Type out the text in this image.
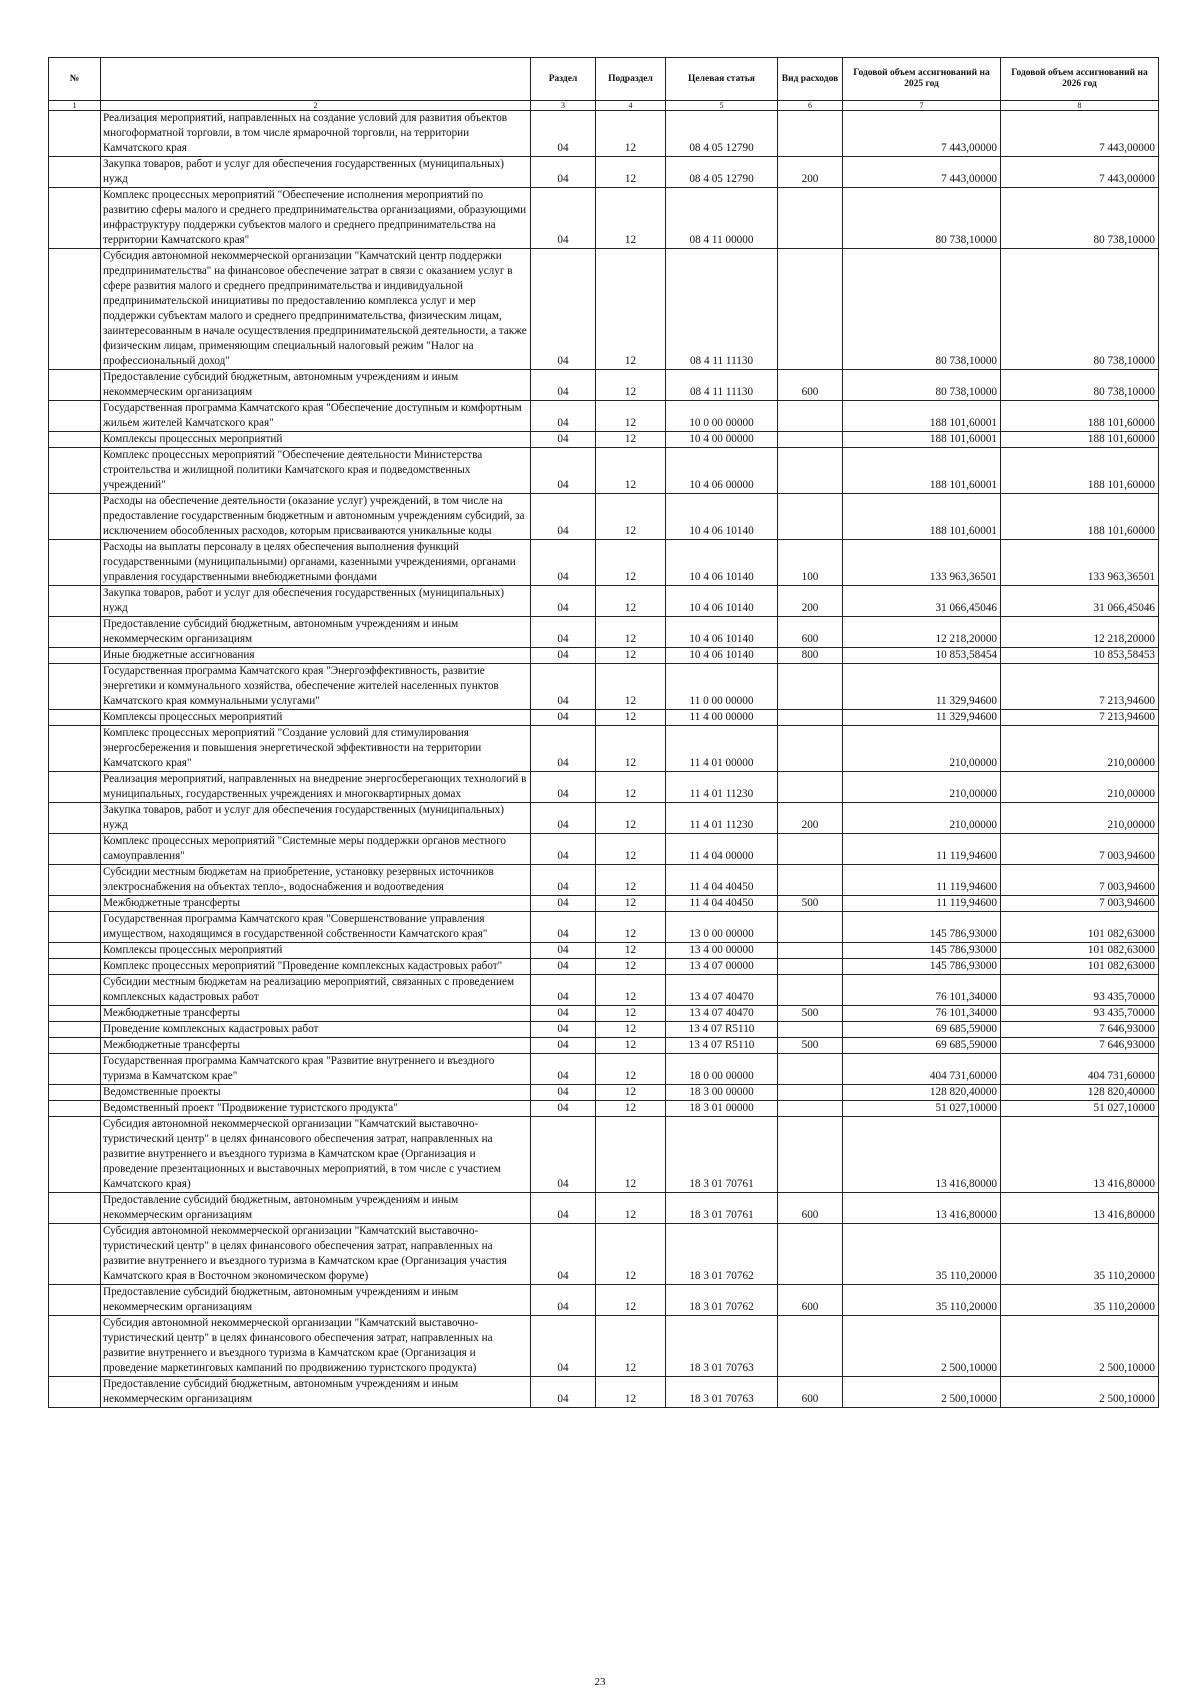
№		Раздел	Подраздел	Целевая статья	Вид расходов	Годовой объем ассигнований на 2025 год	Годовой объем ассигнований на 2026 год
1	2	3	4	5	6	7	8
	Реализация мероприятий, направленных на создание условий для развития объектов многоформатной торговли, в том числе ярмарочной торговли, на территории Камчатского края	04	12	08 4 05 12790		7 443,00000	7 443,00000
	Закупка товаров, работ и услуг для обеспечения государственных (муниципальных) нужд	04	12	08 4 05 12790	200	7 443,00000	7 443,00000
	Комплекс процессных мероприятий "Обеспечение исполнения мероприятий по развитию сферы малого и среднего предпринимательства организациями, образующими инфраструктуру поддержки субъектов малого и среднего предпринимательства на территории Камчатского края"	04	12	08 4 11 00000		80 738,10000	80 738,10000
	Субсидия автономной некоммерческой организации "Камчатский центр поддержки предпринимательства" на финансовое обеспечение затрат в связи с оказанием услуг в сфере развития малого и среднего предпринимательства и индивидуальной предпринимательской инициативы по предоставлению комплекса услуг и мер поддержки субъектам малого и среднего предпринимательства, физическим лицам, заинтересованным в начале осуществления предпринимательской деятельности, а также физическим лицам, применяющим специальный налоговый режим "Налог на профессиональный доход"	04	12	08 4 11 11130		80 738,10000	80 738,10000
	Предоставление субсидий бюджетным, автономным учреждениям и иным некоммерческим организациям	04	12	08 4 11 11130	600	80 738,10000	80 738,10000
	Государственная программа Камчатского края "Обеспечение доступным и комфортным жильем жителей Камчатского края"	04	12	10 0 00 00000		188 101,60001	188 101,60000
	Комплексы процессных мероприятий	04	12	10 4 00 00000		188 101,60001	188 101,60000
	Комплекс процессных мероприятий "Обеспечение деятельности Министерства строительства и жилищной политики Камчатского края и подведомственных учреждений"	04	12	10 4 06 00000		188 101,60001	188 101,60000
	Расходы на обеспечение деятельности (оказание услуг) учреждений, в том числе на предоставление государственным бюджетным и автономным учреждениям субсидий, за исключением обособленных расходов, которым присваиваются уникальные коды	04	12	10 4 06 10140		188 101,60001	188 101,60000
	Расходы на выплаты персоналу в целях обеспечения выполнения функций государственными (муниципальными) органами, казенными учреждениями, органами управления государственными внебюджетными фондами	04	12	10 4 06 10140	100	133 963,36501	133 963,36501
	Закупка товаров, работ и услуг для обеспечения государственных (муниципальных) нужд	04	12	10 4 06 10140	200	31 066,45046	31 066,45046
	Предоставление субсидий бюджетным, автономным учреждениям и иным некоммерческим организациям	04	12	10 4 06 10140	600	12 218,20000	12 218,20000
	Иные бюджетные ассигнования	04	12	10 4 06 10140	800	10 853,58454	10 853,58453
	Государственная программа Камчатского края "Энергоэффективность, развитие энергетики и коммунального хозяйства, обеспечение жителей населенных пунктов Камчатского края коммунальными услугами"	04	12	11 0 00 00000		11 329,94600	7 213,94600
	Комплексы процессных мероприятий	04	12	11 4 00 00000		11 329,94600	7 213,94600
	Комплекс процессных мероприятий "Создание условий для стимулирования энергосбережения и повышения энергетической эффективности на территории Камчатского края"	04	12	11 4 01 00000		210,00000	210,00000
	Реализация мероприятий, направленных на внедрение энергосберегающих технологий в муниципальных, государственных учреждениях и многоквартирных домах	04	12	11 4 01 11230		210,00000	210,00000
	Закупка товаров, работ и услуг для обеспечения государственных (муниципальных) нужд	04	12	11 4 01 11230	200	210,00000	210,00000
	Комплекс процессных мероприятий "Системные меры поддержки органов местного самоуправления"	04	12	11 4 04 00000		11 119,94600	7 003,94600
	Субсидии местным бюджетам на приобретение, установку резервных источников электроснабжения на объектах тепло-, водоснабжения и водоотведения	04	12	11 4 04 40450		11 119,94600	7 003,94600
	Межбюджетные трансферты	04	12	11 4 04 40450	500	11 119,94600	7 003,94600
	Государственная программа Камчатского края "Совершенствование управления имуществом, находящимся в государственной собственности Камчатского края"	04	12	13 0 00 00000		145 786,93000	101 082,63000
	Комплексы процессных мероприятий	04	12	13 4 00 00000		145 786,93000	101 082,63000
	Комплекс процессных мероприятий "Проведение комплексных кадастровых работ"	04	12	13 4 07 00000		145 786,93000	101 082,63000
	Субсидии местным бюджетам на реализацию мероприятий, связанных с проведением комплексных кадастровых работ	04	12	13 4 07 40470		76 101,34000	93 435,70000
	Межбюджетные трансферты	04	12	13 4 07 40470	500	76 101,34000	93 435,70000
	Проведение комплексных кадастровых работ	04	12	13 4 07 R5110		69 685,59000	7 646,93000
	Межбюджетные трансферты	04	12	13 4 07 R5110	500	69 685,59000	7 646,93000
	Государственная программа Камчатского края "Развитие внутреннего и въездного туризма в Камчатском крае"	04	12	18 0 00 00000		404 731,60000	404 731,60000
	Ведомственные проекты	04	12	18 3 00 00000		128 820,40000	128 820,40000
	Ведомственный проект "Продвижение туристского продукта"	04	12	18 3 01 00000		51 027,10000	51 027,10000
	Субсидия автономной некоммерческой организации "Камчатский выставочно-туристический центр" в целях финансового обеспечения затрат, направленных на развитие внутреннего и въездного туризма в Камчатском крае (Организация и проведение презентационных и выставочных мероприятий, в том числе с участием Камчатского края)	04	12	18 3 01 70761		13 416,80000	13 416,80000
	Предоставление субсидий бюджетным, автономным учреждениям и иным некоммерческим организациям	04	12	18 3 01 70761	600	13 416,80000	13 416,80000
	Субсидия автономной некоммерческой организации "Камчатский выставочно-туристический центр" в целях финансового обеспечения затрат, направленных на развитие внутреннего и въездного туризма в Камчатском крае (Организация участия Камчатского края в Восточном экономическом форуме)	04	12	18 3 01 70762		35 110,20000	35 110,20000
	Предоставление субсидий бюджетным, автономным учреждениям и иным некоммерческим организациям	04	12	18 3 01 70762	600	35 110,20000	35 110,20000
	Субсидия автономной некоммерческой организации "Камчатский выставочно-туристический центр" в целях финансового обеспечения затрат, направленных на развитие внутреннего и въездного туризма в Камчатском крае (Организация и проведение маркетинговых кампаний по продвижению туристского продукта)	04	12	18 3 01 70763		2 500,10000	2 500,10000
	Предоставление субсидий бюджетным, автономным учреждениям и иным некоммерческим организациям	04	12	18 3 01 70763	600	2 500,10000	2 500,10000
23
